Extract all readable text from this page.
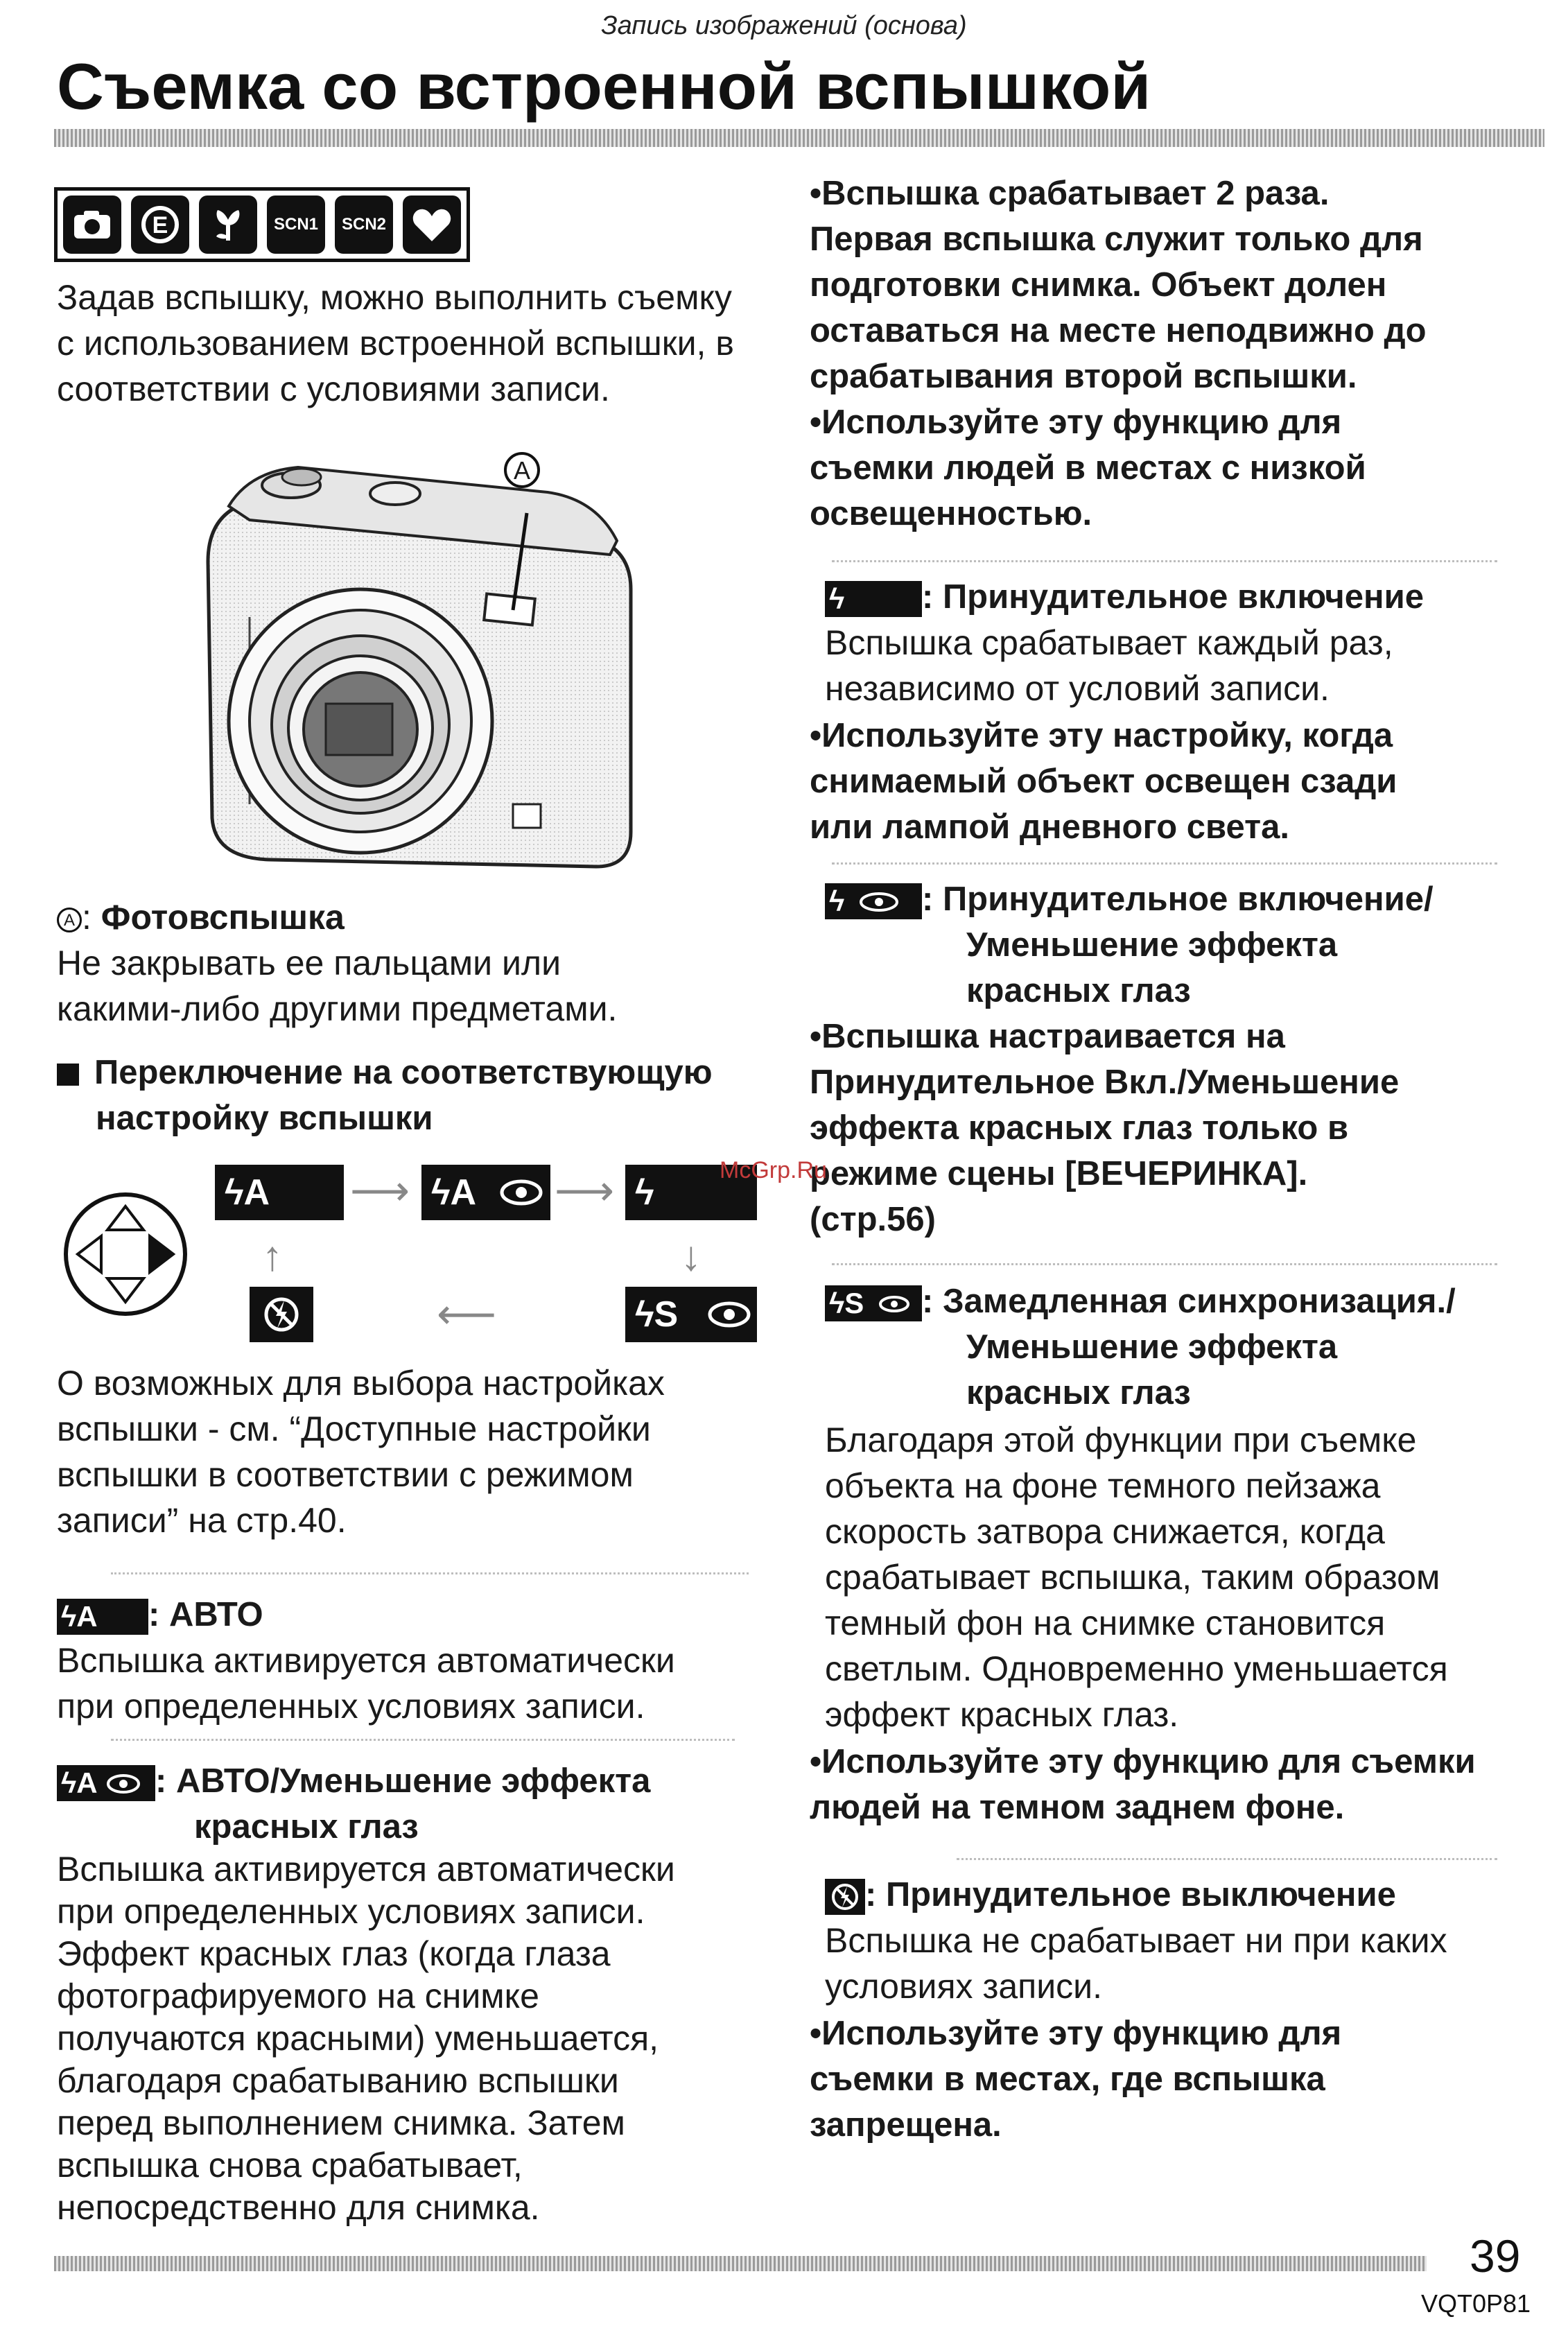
Запись изображений (основа)
Съемка со встроенной вспышкой
E	SCN1	SCN2
Задав вспышку, можно выполнить съемку
с использованием встроенной вспышки, в
соответствии с условиями записи.
A
A : Фотовспышка
Не закрывать ее пальцами или
какими-либо другими предметами.
Переключение на соответствующую
настройку вспышки
ϟA	⟶ ϟA	⟶ ϟ
↑	↓
⟵	ϟS
О возможных для выбора настройках
вспышки - см. “Доступные настройки
вспышки в соответствии с режимом
записи” на стр.40.
ϟA : АВТО
Вспышка активируется автоматически
при определенных условиях записи.
ϟA : АВТО/Уменьшение эффекта
красных глаз
Вспышка активируется автоматически
при определенных условиях записи.
Эффект красных глаз (когда глаза
фотографируемого на снимке
получаются красными) уменьшается,
благодаря срабатыванию вспышки
перед выполнением снимка. Затем
вспышка снова срабатывает,
непосредственно для снимка.
•Вспышка срабатывает 2 раза.
Первая вспышка служит только для
подготовки снимка. Объект долен
оставаться на месте неподвижно до
срабатывания второй вспышки.
•Используйте эту функцию для
съемки людей в местах с низкой
освещенностью.
ϟ : Принудительное включение
Вспышка срабатывает каждый раз,
независимо от условий записи.
•Используйте эту настройку, когда
снимаемый объект освещен сзади
или лампой дневного света.
ϟ : Принудительное включение/
Уменьшение эффекта
красных глаз
•Вспышка настраивается на
Принудительное Вкл./Уменьшение
эффекта красных глаз только в
режиме сцены [ВЕЧЕРИНКА].
(стр.56)
McGrp.Ru
ϟS : Замедленная синхронизация./
Уменьшение эффекта
красных глаз
Благодаря этой функции при съемке
объекта на фоне темного пейзажа
скорость затвора снижается, когда
срабатывает вспышка, таким образом
темный фон на снимке становится
светлым. Одновременно уменьшается
эффект красных глаз.
•Используйте эту функцию для съемки
людей на темном заднем фоне.
: Принудительное выключение
Вспышка не срабатывает ни при каких
условиях записи.
•Используйте эту функцию для
съемки в местах, где вспышка
запрещена.
39
VQT0P81
